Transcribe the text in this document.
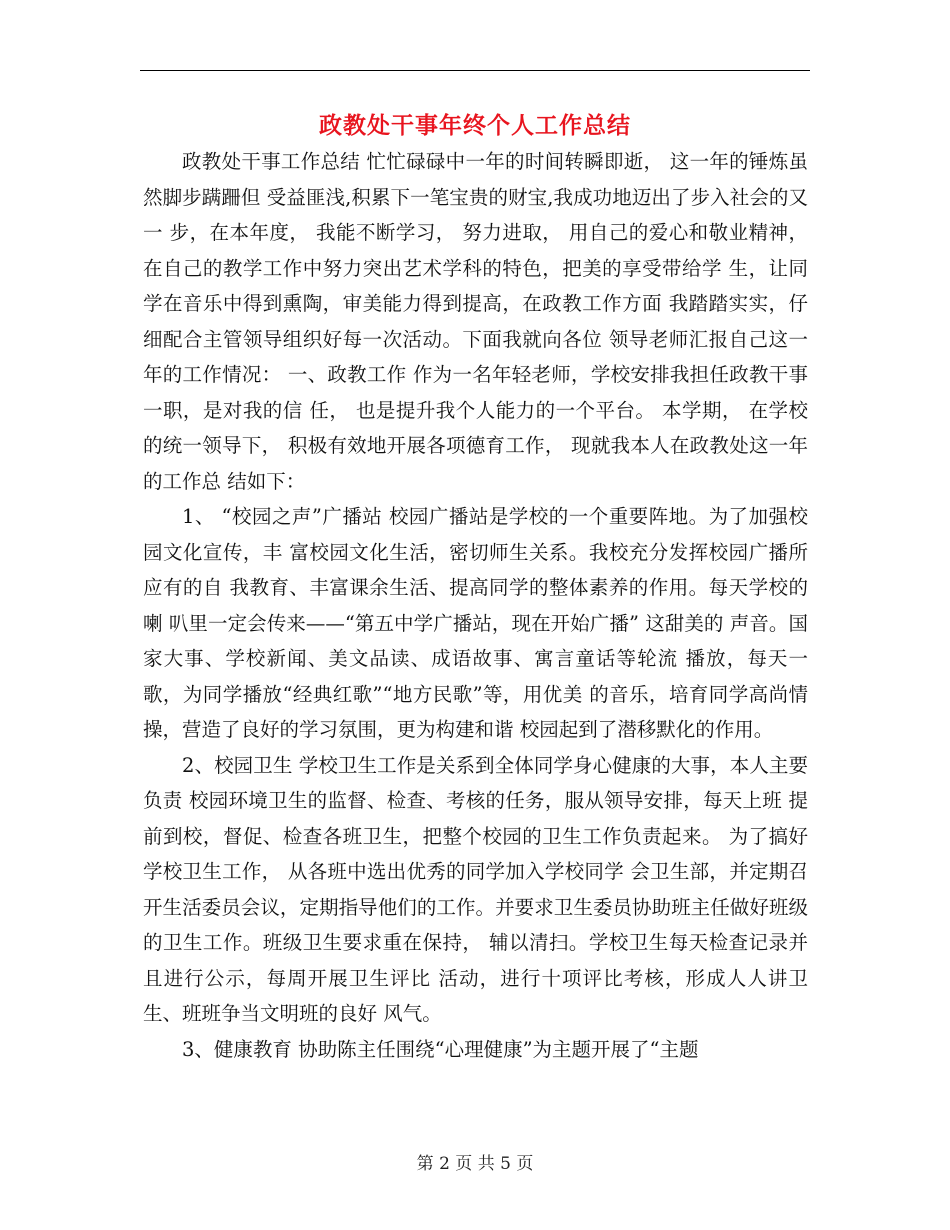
政教处干事年终个人工作总结

政教处干事工作总结 忙忙碌碌中一年的时间转瞬即逝， 这一年的锤炼虽然脚步蹒跚但 受益匪浅,积累下一笔宝贵的财宝,我成功地迈出了步入社会的又一 步，在本年度， 我能不断学习， 努力进取， 用自己的爱心和敬业精神， 在自己的教学工作中努力突出艺术学科的特色，把美的享受带给学 生，让同学在音乐中得到熏陶，审美能力得到提高，在政教工作方面 我踏踏实实，仔细配合主管领导组织好每一次活动。下面我就向各位 领导老师汇报自己这一年的工作情况： 一、政教工作 作为一名年轻老师，学校安排我担任政教干事一职，是对我的信 任， 也是提升我个人能力的一个平台。 本学期， 在学校的统一领导下， 积极有效地开展各项德育工作， 现就我本人在政教处这一年的工作总 结如下：

1、 “校园之声”广播站 校园广播站是学校的一个重要阵地。为了加强校园文化宣传，丰 富校园文化生活，密切师生关系。我校充分发挥校园广播所应有的自 我教育、丰富课余生活、提高同学的整体素养的作用。每天学校的喇 叭里一定会传来——“第五中学广播站，现在开始广播” 这甜美的 声音。国家大事、学校新闻、美文品读、成语故事、寓言童话等轮流 播放，每天一歌，为同学播放“经典红歌”“地方民歌”等，用优美 的音乐，培育同学高尚情操，营造了良好的学习氛围，更为构建和谐 校园起到了潜移默化的作用。

2、校园卫生 学校卫生工作是关系到全体同学身心健康的大事，本人主要负责 校园环境卫生的监督、检查、考核的任务，服从领导安排，每天上班 提前到校，督促、检查各班卫生，把整个校园的卫生工作负责起来。 为了搞好学校卫生工作， 从各班中选出优秀的同学加入学校同学 会卫生部，并定期召开生活委员会议，定期指导他们的工作。并要求卫生委员协助班主任做好班级的卫生工作。班级卫生要求重在保持， 辅以清扫。学校卫生每天检查记录并且进行公示，每周开展卫生评比 活动，进行十项评比考核，形成人人讲卫生、班班争当文明班的良好 风气。

3、健康教育 协助陈主任围绕“心理健康”为主题开展了“主题

第 2 页 共 5 页
